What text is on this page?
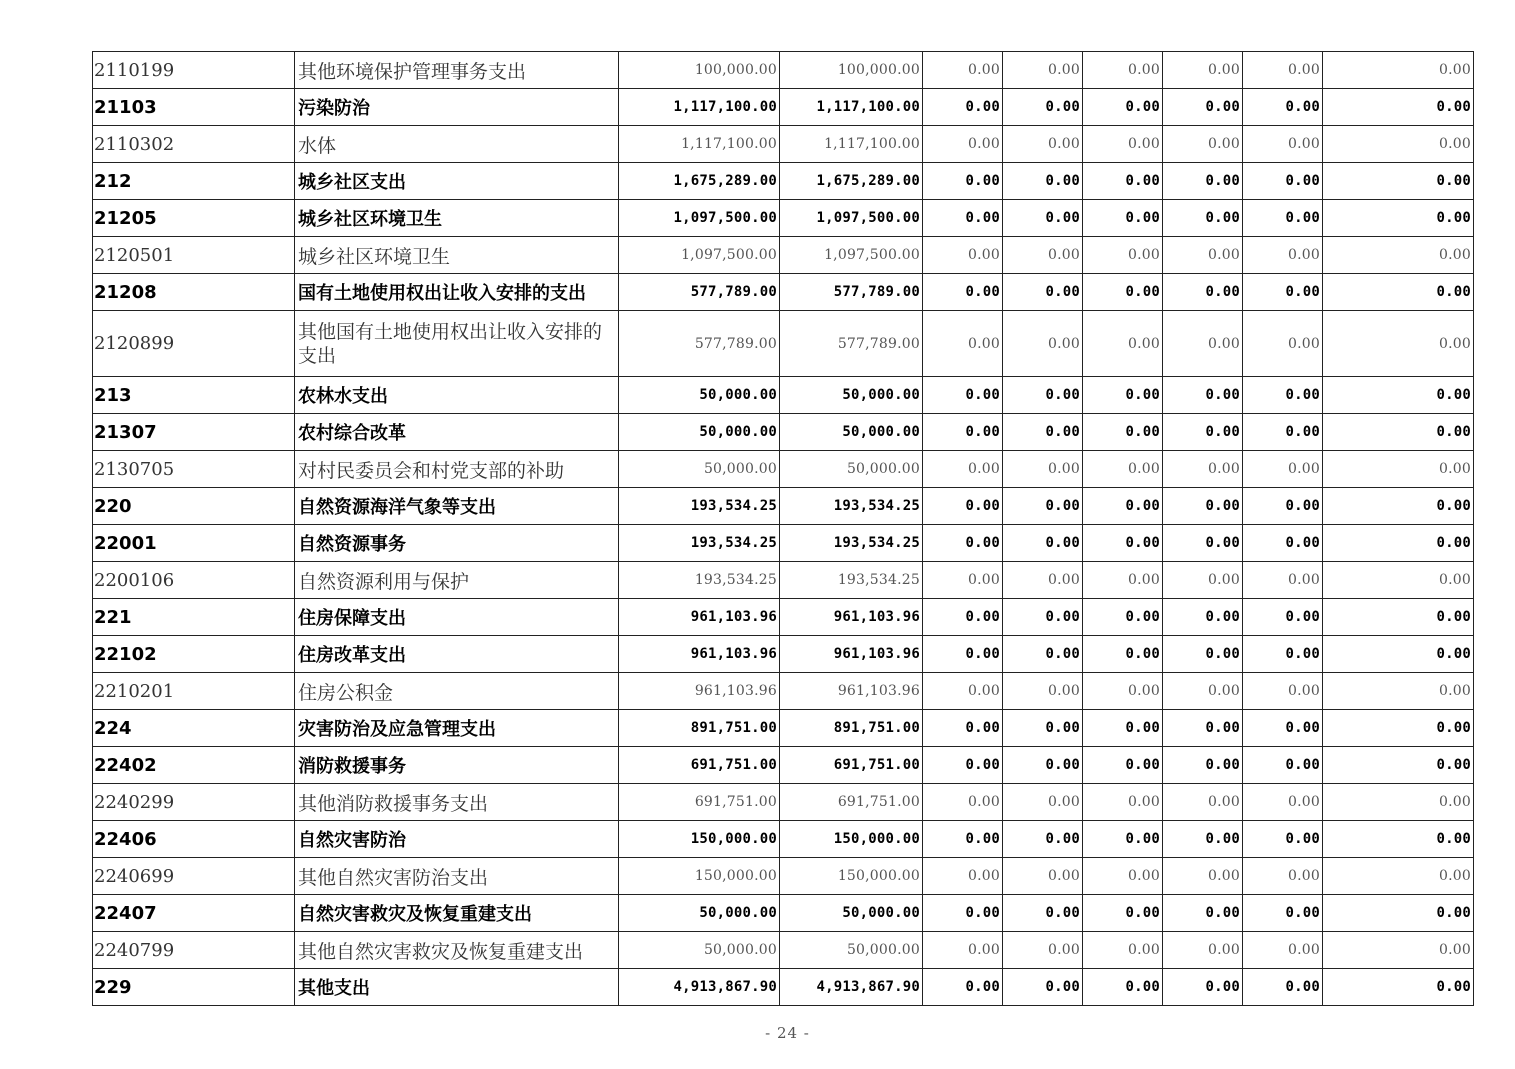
2110199	其他环境保护管理事务支出	100,000.00	100,000.00	0.00	0.00	0.00	0.00	0.00	0.00
21103	污染防治	1,117,100.00	1,117,100.00	0.00	0.00	0.00	0.00	0.00	0.00
2110302	水体	1,117,100.00	1,117,100.00	0.00	0.00	0.00	0.00	0.00	0.00
212	城乡社区支出	1,675,289.00	1,675,289.00	0.00	0.00	0.00	0.00	0.00	0.00
21205	城乡社区环境卫生	1,097,500.00	1,097,500.00	0.00	0.00	0.00	0.00	0.00	0.00
2120501	城乡社区环境卫生	1,097,500.00	1,097,500.00	0.00	0.00	0.00	0.00	0.00	0.00
21208	国有土地使用权出让收入安排的支出	577,789.00	577,789.00	0.00	0.00	0.00	0.00	0.00	0.00
2120899	其他国有土地使用权出让收入安排的支出	577,789.00	577,789.00	0.00	0.00	0.00	0.00	0.00	0.00
213	农林水支出	50,000.00	50,000.00	0.00	0.00	0.00	0.00	0.00	0.00
21307	农村综合改革	50,000.00	50,000.00	0.00	0.00	0.00	0.00	0.00	0.00
2130705	对村民委员会和村党支部的补助	50,000.00	50,000.00	0.00	0.00	0.00	0.00	0.00	0.00
220	自然资源海洋气象等支出	193,534.25	193,534.25	0.00	0.00	0.00	0.00	0.00	0.00
22001	自然资源事务	193,534.25	193,534.25	0.00	0.00	0.00	0.00	0.00	0.00
2200106	自然资源利用与保护	193,534.25	193,534.25	0.00	0.00	0.00	0.00	0.00	0.00
221	住房保障支出	961,103.96	961,103.96	0.00	0.00	0.00	0.00	0.00	0.00
22102	住房改革支出	961,103.96	961,103.96	0.00	0.00	0.00	0.00	0.00	0.00
2210201	住房公积金	961,103.96	961,103.96	0.00	0.00	0.00	0.00	0.00	0.00
224	灾害防治及应急管理支出	891,751.00	891,751.00	0.00	0.00	0.00	0.00	0.00	0.00
22402	消防救援事务	691,751.00	691,751.00	0.00	0.00	0.00	0.00	0.00	0.00
2240299	其他消防救援事务支出	691,751.00	691,751.00	0.00	0.00	0.00	0.00	0.00	0.00
22406	自然灾害防治	150,000.00	150,000.00	0.00	0.00	0.00	0.00	0.00	0.00
2240699	其他自然灾害防治支出	150,000.00	150,000.00	0.00	0.00	0.00	0.00	0.00	0.00
22407	自然灾害救灾及恢复重建支出	50,000.00	50,000.00	0.00	0.00	0.00	0.00	0.00	0.00
2240799	其他自然灾害救灾及恢复重建支出	50,000.00	50,000.00	0.00	0.00	0.00	0.00	0.00	0.00
229	其他支出	4,913,867.90	4,913,867.90	0.00	0.00	0.00	0.00	0.00	0.00
- 24 -
